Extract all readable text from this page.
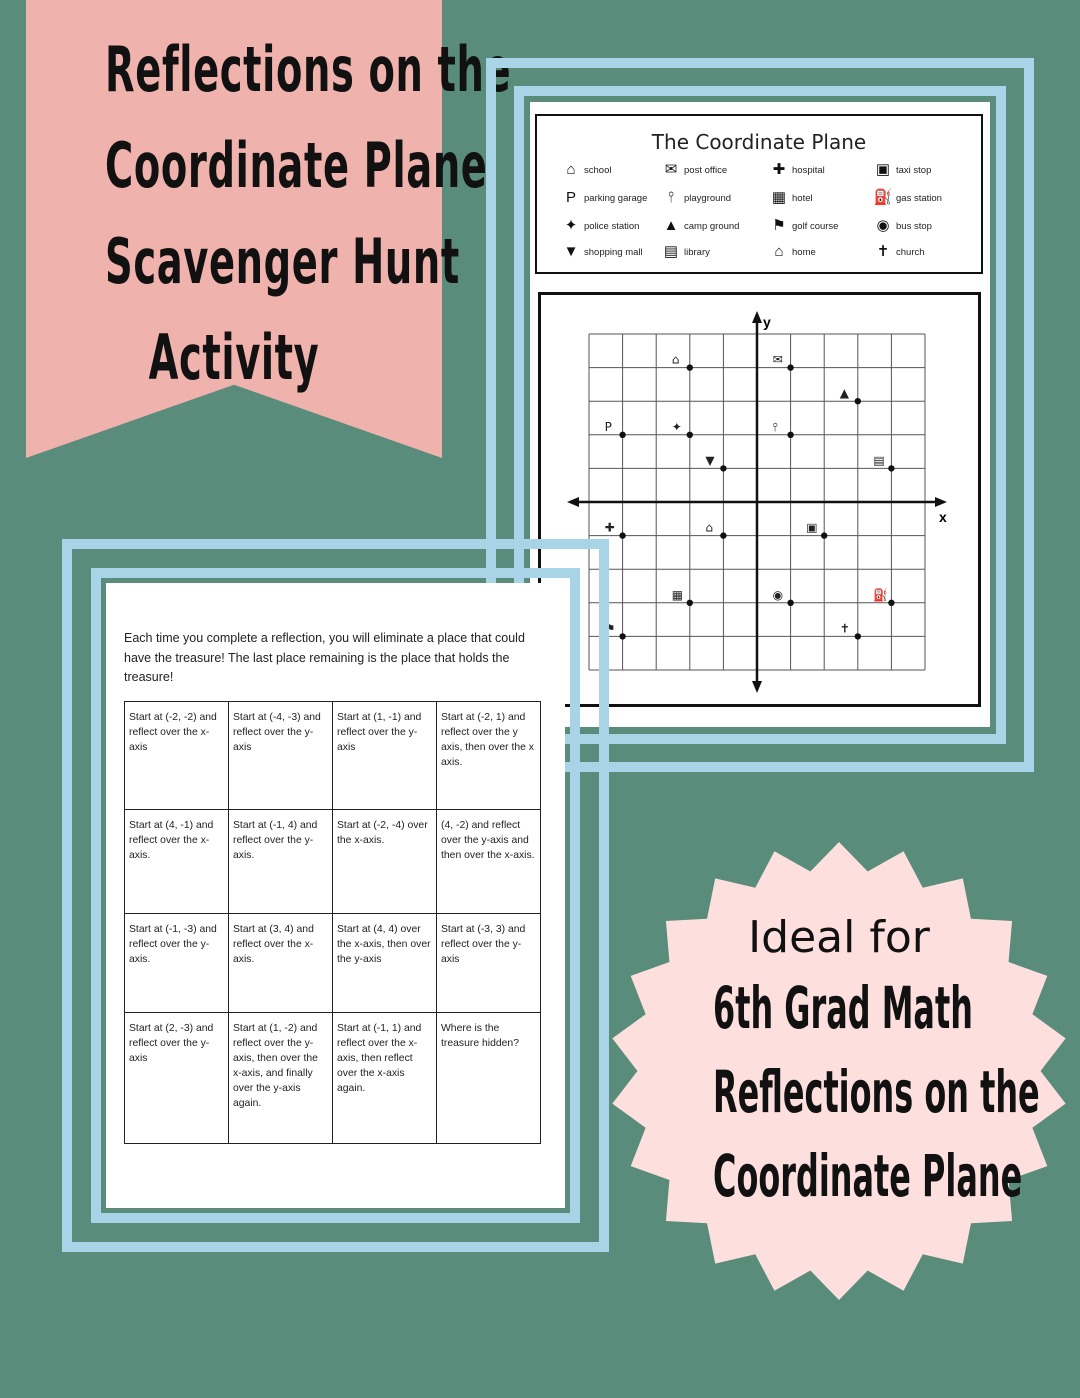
Reflections on the
Coordinate Plane
Scavenger Hunt
Activity
The Coordinate Plane
⌂ school	✉ post office	✚ hospital	▣ taxi stop
P parking garage	⫯	playground	▦ hotel	⛽ gas station
✦ police station ▲ camp ground ⚑ golf course	◉ bus stop
▼ shopping mall ▤ library	⌂ home	✝ church
x
y
⌂	✉
▲
P	✦	⫯
▼	▤
✚	⌂	▣
▦	◉	⛽
⚑	✝
Each time you complete a reflection, you will eliminate a place that could have the treasure! The last place remaining is the place that holds the treasure!
Start at (-2, -2) and reflect over the x-axis	Start at (-4, -3) and reflect over the y-axis	Start at (1, -1) and reflect over the y-axis	Start at (-2, 1) and reflect over the y axis, then over the x axis.
Start at (4, -1) and reflect over the x-axis.	Start at (-1, 4) and reflect over the y-axis.	Start at (-2, -4) over the x-axis.	(4, -2) and reflect over the y-axis and then over the x-axis.
Start at (-1, -3) and reflect over the y-axis.	Start at (3, 4) and reflect over the x-axis.	Start at (4, 4) over the x-axis, then over the y-axis	Start at (-3, 3) and reflect over the y-axis
Start at (2, -3) and reflect over the y-axis	Start at (1, -2) and reflect over the y-axis, then over the x-axis, and finally over the y-axis again.	Start at (-1, 1) and reflect over the x-axis, then reflect over the x-axis again.	Where is the treasure hidden?
Ideal for
6th Grad Math
Reflections on the
Coordinate Plane
